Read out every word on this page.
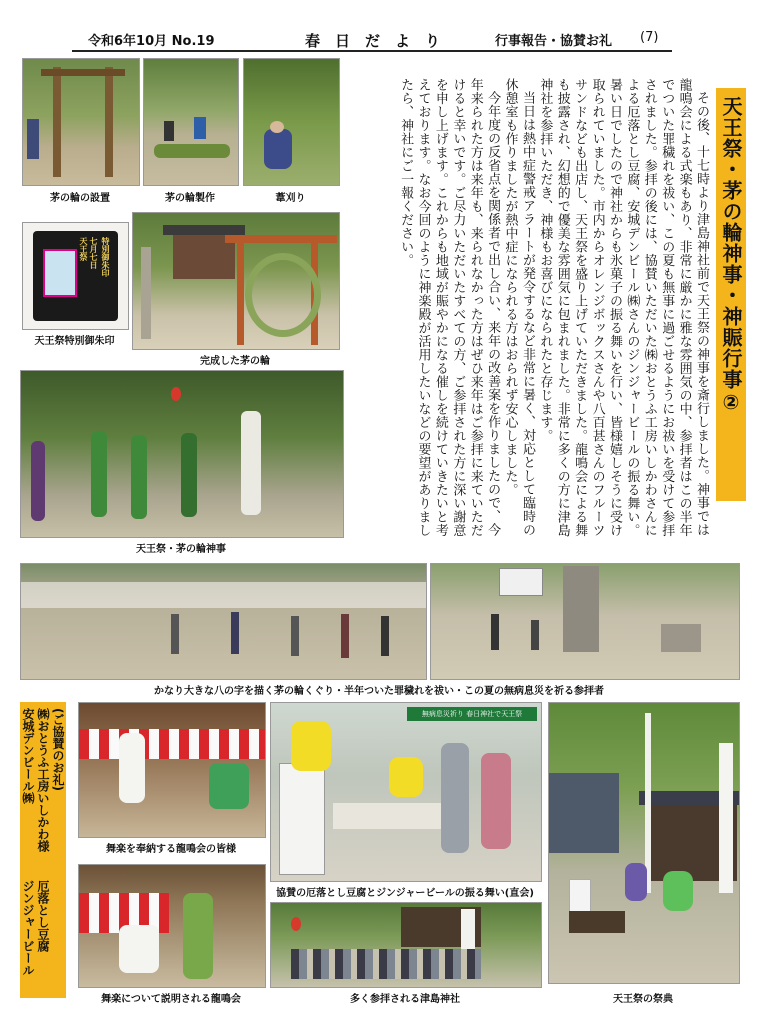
令和6年10月 No.19	春　日　だ　よ　り	行事報告・協賛お礼 (7)
天王祭・茅の輪神事・神賑行事②

その後、十七時より津島神社前で天王祭の神事を斎行しました。神事では龍鳴会による式楽もあり、非常に厳かに雅な雰囲気の中、参拝者はこの半年でついた罪穢れを祓い、この夏も無事に過ごせるようにお祓いを受けて参拝されました。参拝の後には、協賛いただいた㈱おとうふ工房いしかわさんによる厄落とし豆腐、安城デンビール㈱さんのジンジャービールの振る舞い。暑い日でしたので神社からも氷菓子の振る舞いを行い、皆様嬉しそうに受け取られていました。市内からオレンジボックスさんや八百甚さんのフルーツサンドなども出店し、天王祭を盛り上げていただきました。龍鳴会による舞も披露され、幻想的で優美な雰囲気に包まれました。非常に多くの方に津島神社を参拝いただき、神様もお喜びになられたと存じます。

当日は熱中症警戒アラートが発令するなど非常に暑く、対応として臨時の休憩室も作りましたが熱中症になられる方はおられず安心しました。

今年度の反省点を関係者で出し合い、来年の改善案を作りましたので、今年来られた方は来年も、来られなかった方はぜひ来年はご参拝に来ていただけると幸いです。ご尽力いただいたすべての方、ご参拝された方に深い謝意を申し上げます。これからも地域が賑やかになる催しを続けていきたいと考えております。なお今回のように神楽殿が活用したいなどの要望がありましたら、神社にご一報ください。

茅の輪の設置	茅の輪製作	葦刈り
七月七日
天王祭 特別御朱印
天王祭特別御朱印
完成した茅の輪
天王祭・茅の輪神事
かなり大きな八の字を描く茅の輪くぐり・半年ついた罪穢れを祓い・この夏の無病息災を祈る参拝者
(ご協賛のお礼)
㈱おとうふ工房いしかわ様
安城デンビール㈱
厄落とし豆腐
ジンジャービール
舞楽を奉納する龍鳴会の皆様
舞楽について説明される龍鳴会
無病息災祈り 春日神社で天王祭
協賛の厄落とし豆腐とジンジャービールの振る舞い(直会)
多く参拝される津島神社	天王祭の祭典
